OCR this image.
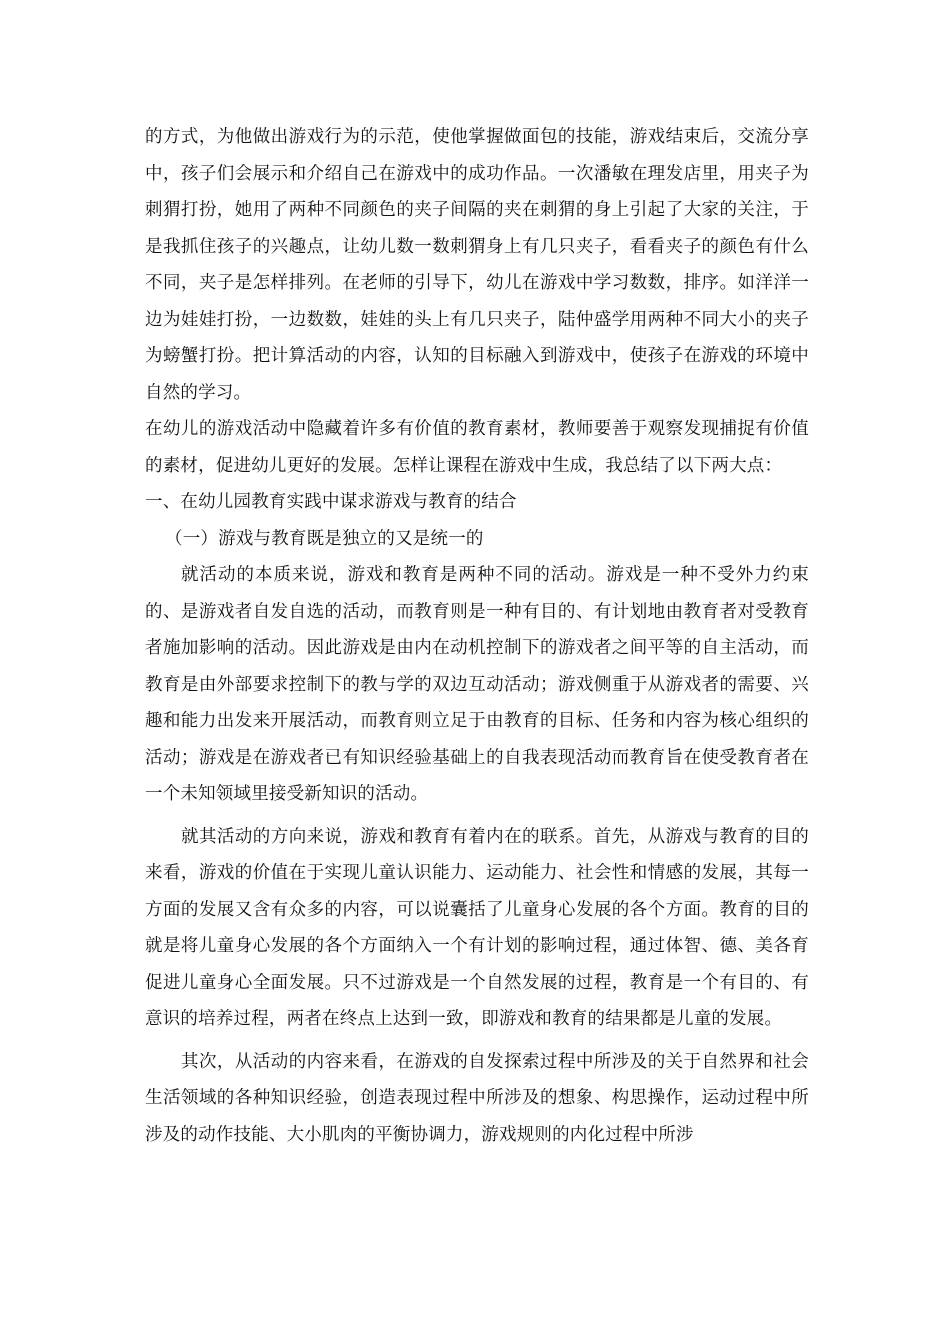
的方式，为他做出游戏行为的示范，使他掌握做面包的技能，游戏结束后，交流分享中，孩子们会展示和介绍自己在游戏中的成功作品。一次潘敏在理发店里，用夹子为刺猬打扮，她用了两种不同颜色的夹子间隔的夹在刺猬的身上引起了大家的关注，于是我抓住孩子的兴趣点，让幼儿数一数刺猬身上有几只夹子，看看夹子的颜色有什么不同，夹子是怎样排列。在老师的引导下，幼儿在游戏中学习数数，排序。如洋洋一边为娃娃打扮，一边数数，娃娃的头上有几只夹子，陆仲盛学用两种不同大小的夹子为螃蟹打扮。把计算活动的内容，认知的目标融入到游戏中，使孩子在游戏的环境中自然的学习。

在幼儿的游戏活动中隐藏着许多有价值的教育素材，教师要善于观察发现捕捉有价值的素材，促进幼儿更好的发展。怎样让课程在游戏中生成，我总结了以下两大点：

一、在幼儿园教育实践中谋求游戏与教育的结合

（一）游戏与教育既是独立的又是统一的

就活动的本质来说，游戏和教育是两种不同的活动。游戏是一种不受外力约束的、是游戏者自发自选的活动，而教育则是一种有目的、有计划地由教育者对受教育者施加影响的活动。因此游戏是由内在动机控制下的游戏者之间平等的自主活动，而教育是由外部要求控制下的教与学的双边互动活动；游戏侧重于从游戏者的需要、兴趣和能力出发来开展活动，而教育则立足于由教育的目标、任务和内容为核心组织的活动；游戏是在游戏者已有知识经验基础上的自我表现活动而教育旨在使受教育者在一个未知领域里接受新知识的活动。

就其活动的方向来说，游戏和教育有着内在的联系。首先，从游戏与教育的目的来看，游戏的价值在于实现儿童认识能力、运动能力、社会性和情感的发展，其每一方面的发展又含有众多的内容，可以说囊括了儿童身心发展的各个方面。教育的目的就是将儿童身心发展的各个方面纳入一个有计划的影响过程，通过体智、德、美各育促进儿童身心全面发展。只不过游戏是一个自然发展的过程，教育是一个有目的、有意识的培养过程，两者在终点上达到一致，即游戏和教育的结果都是儿童的发展。

其次，从活动的内容来看，在游戏的自发探索过程中所涉及的关于自然界和社会生活领域的各种知识经验，创造表现过程中所涉及的想象、构思操作，运动过程中所涉及的动作技能、大小肌肉的平衡协调力，游戏规则的内化过程中所涉
